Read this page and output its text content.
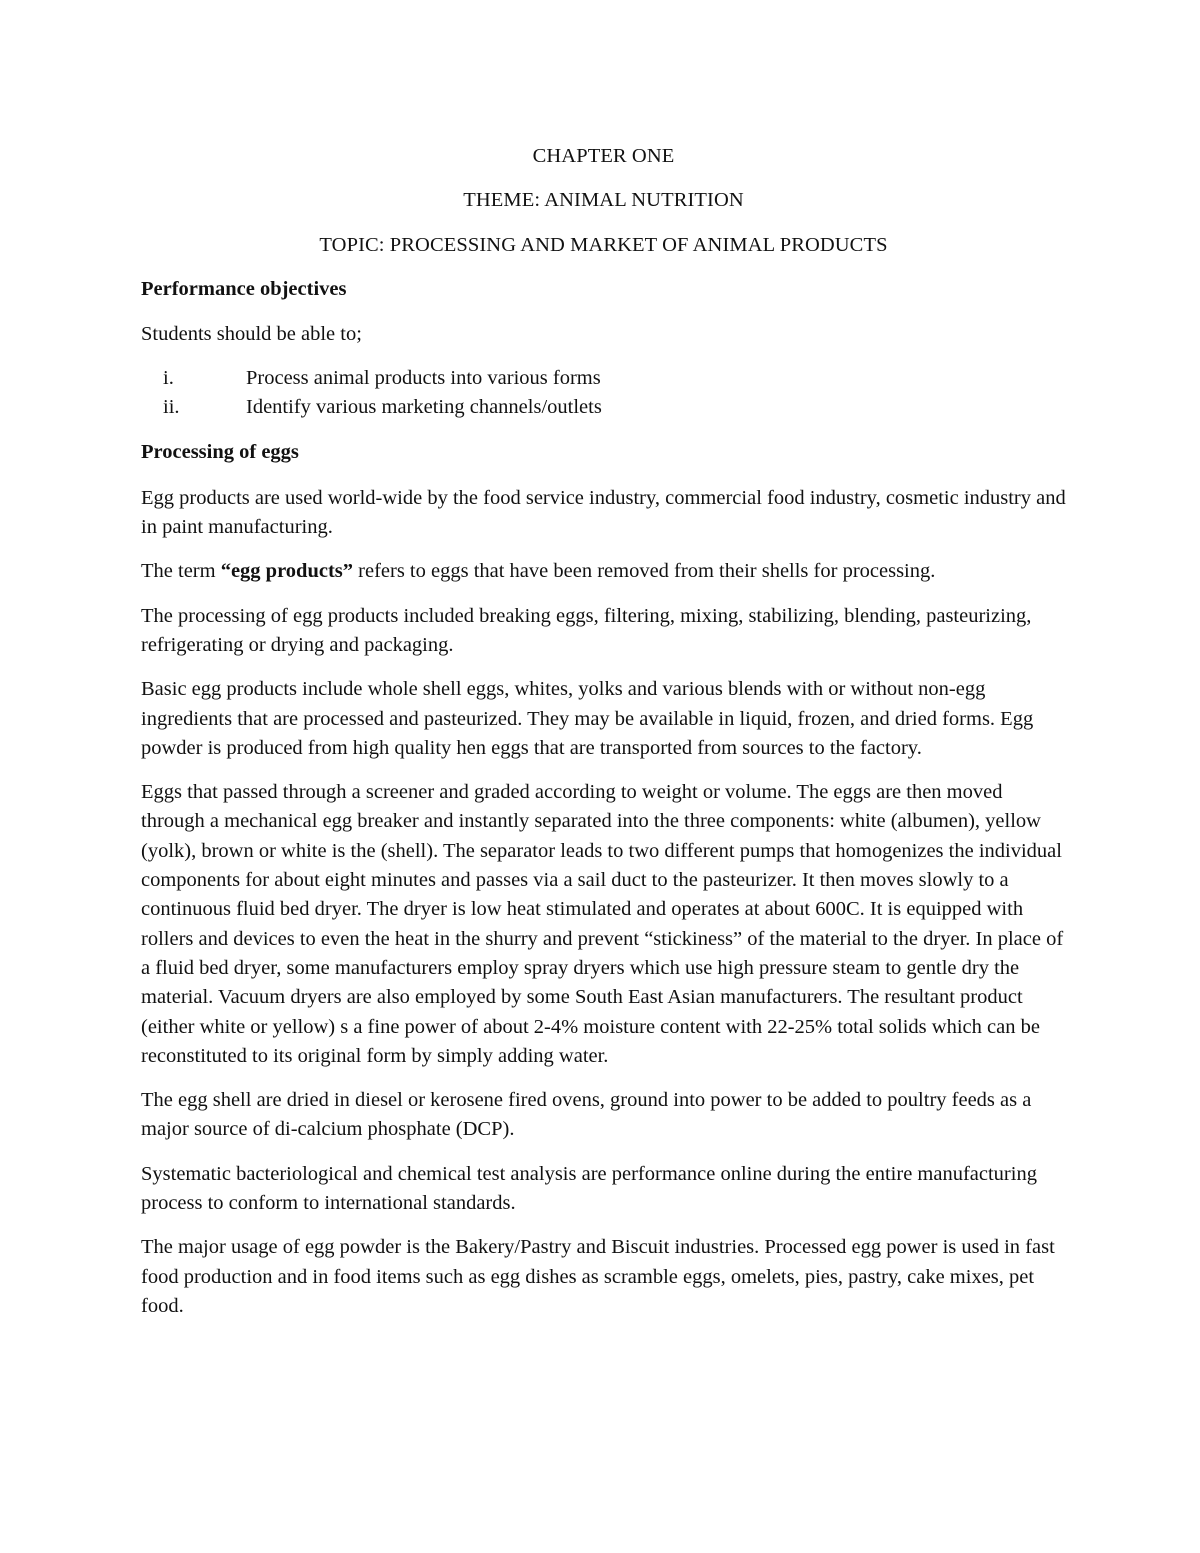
CHAPTER ONE

THEME: ANIMAL NUTRITION

TOPIC: PROCESSING AND MARKET OF ANIMAL PRODUCTS

Performance objectives

Students should be able to;

i.	Process animal products into various forms
ii.	Identify various marketing channels/outlets

Processing of eggs

Egg products are used world-wide by the food service industry, commercial food industry, cosmetic industry and in paint manufacturing.

The term “egg products” refers to eggs that have been removed from their shells for processing.

The processing of egg products included breaking eggs, filtering, mixing, stabilizing, blending, pasteurizing, refrigerating or drying and packaging.

Basic egg products include whole shell eggs, whites, yolks and various blends with or without non-egg ingredients that are processed and pasteurized. They may be available in liquid, frozen, and dried forms. Egg powder is produced from high quality hen eggs that are transported from sources to the factory.

Eggs that passed through a screener and graded according to weight or volume. The eggs are then moved through a mechanical egg breaker and instantly separated into the three components: white (albumen), yellow (yolk), brown or white is the (shell). The separator leads to two different pumps that homogenizes the individual components for about eight minutes and passes via a sail duct to the pasteurizer. It then moves slowly to a continuous fluid bed dryer. The dryer is low heat stimulated and operates at about 600C. It is equipped with rollers and devices to even the heat in the shurry and prevent “stickiness” of the material to the dryer. In place of a fluid bed dryer, some manufacturers employ spray dryers which use high pressure steam to gentle dry the material. Vacuum dryers are also employed by some South East Asian manufacturers. The resultant product (either white or yellow) s a fine power of about 2-4% moisture content with 22-25% total solids which can be reconstituted to its original form by simply adding water.

The egg shell are dried in diesel or kerosene fired ovens, ground into power to be added to poultry feeds as a major source of di-calcium phosphate (DCP).

Systematic bacteriological and chemical test analysis are performance online during the entire manufacturing process to conform to international standards.

The major usage of egg powder is the Bakery/Pastry and Biscuit industries. Processed egg power is used in fast food production and in food items such as egg dishes as scramble eggs, omelets, pies, pastry, cake mixes, pet food.
